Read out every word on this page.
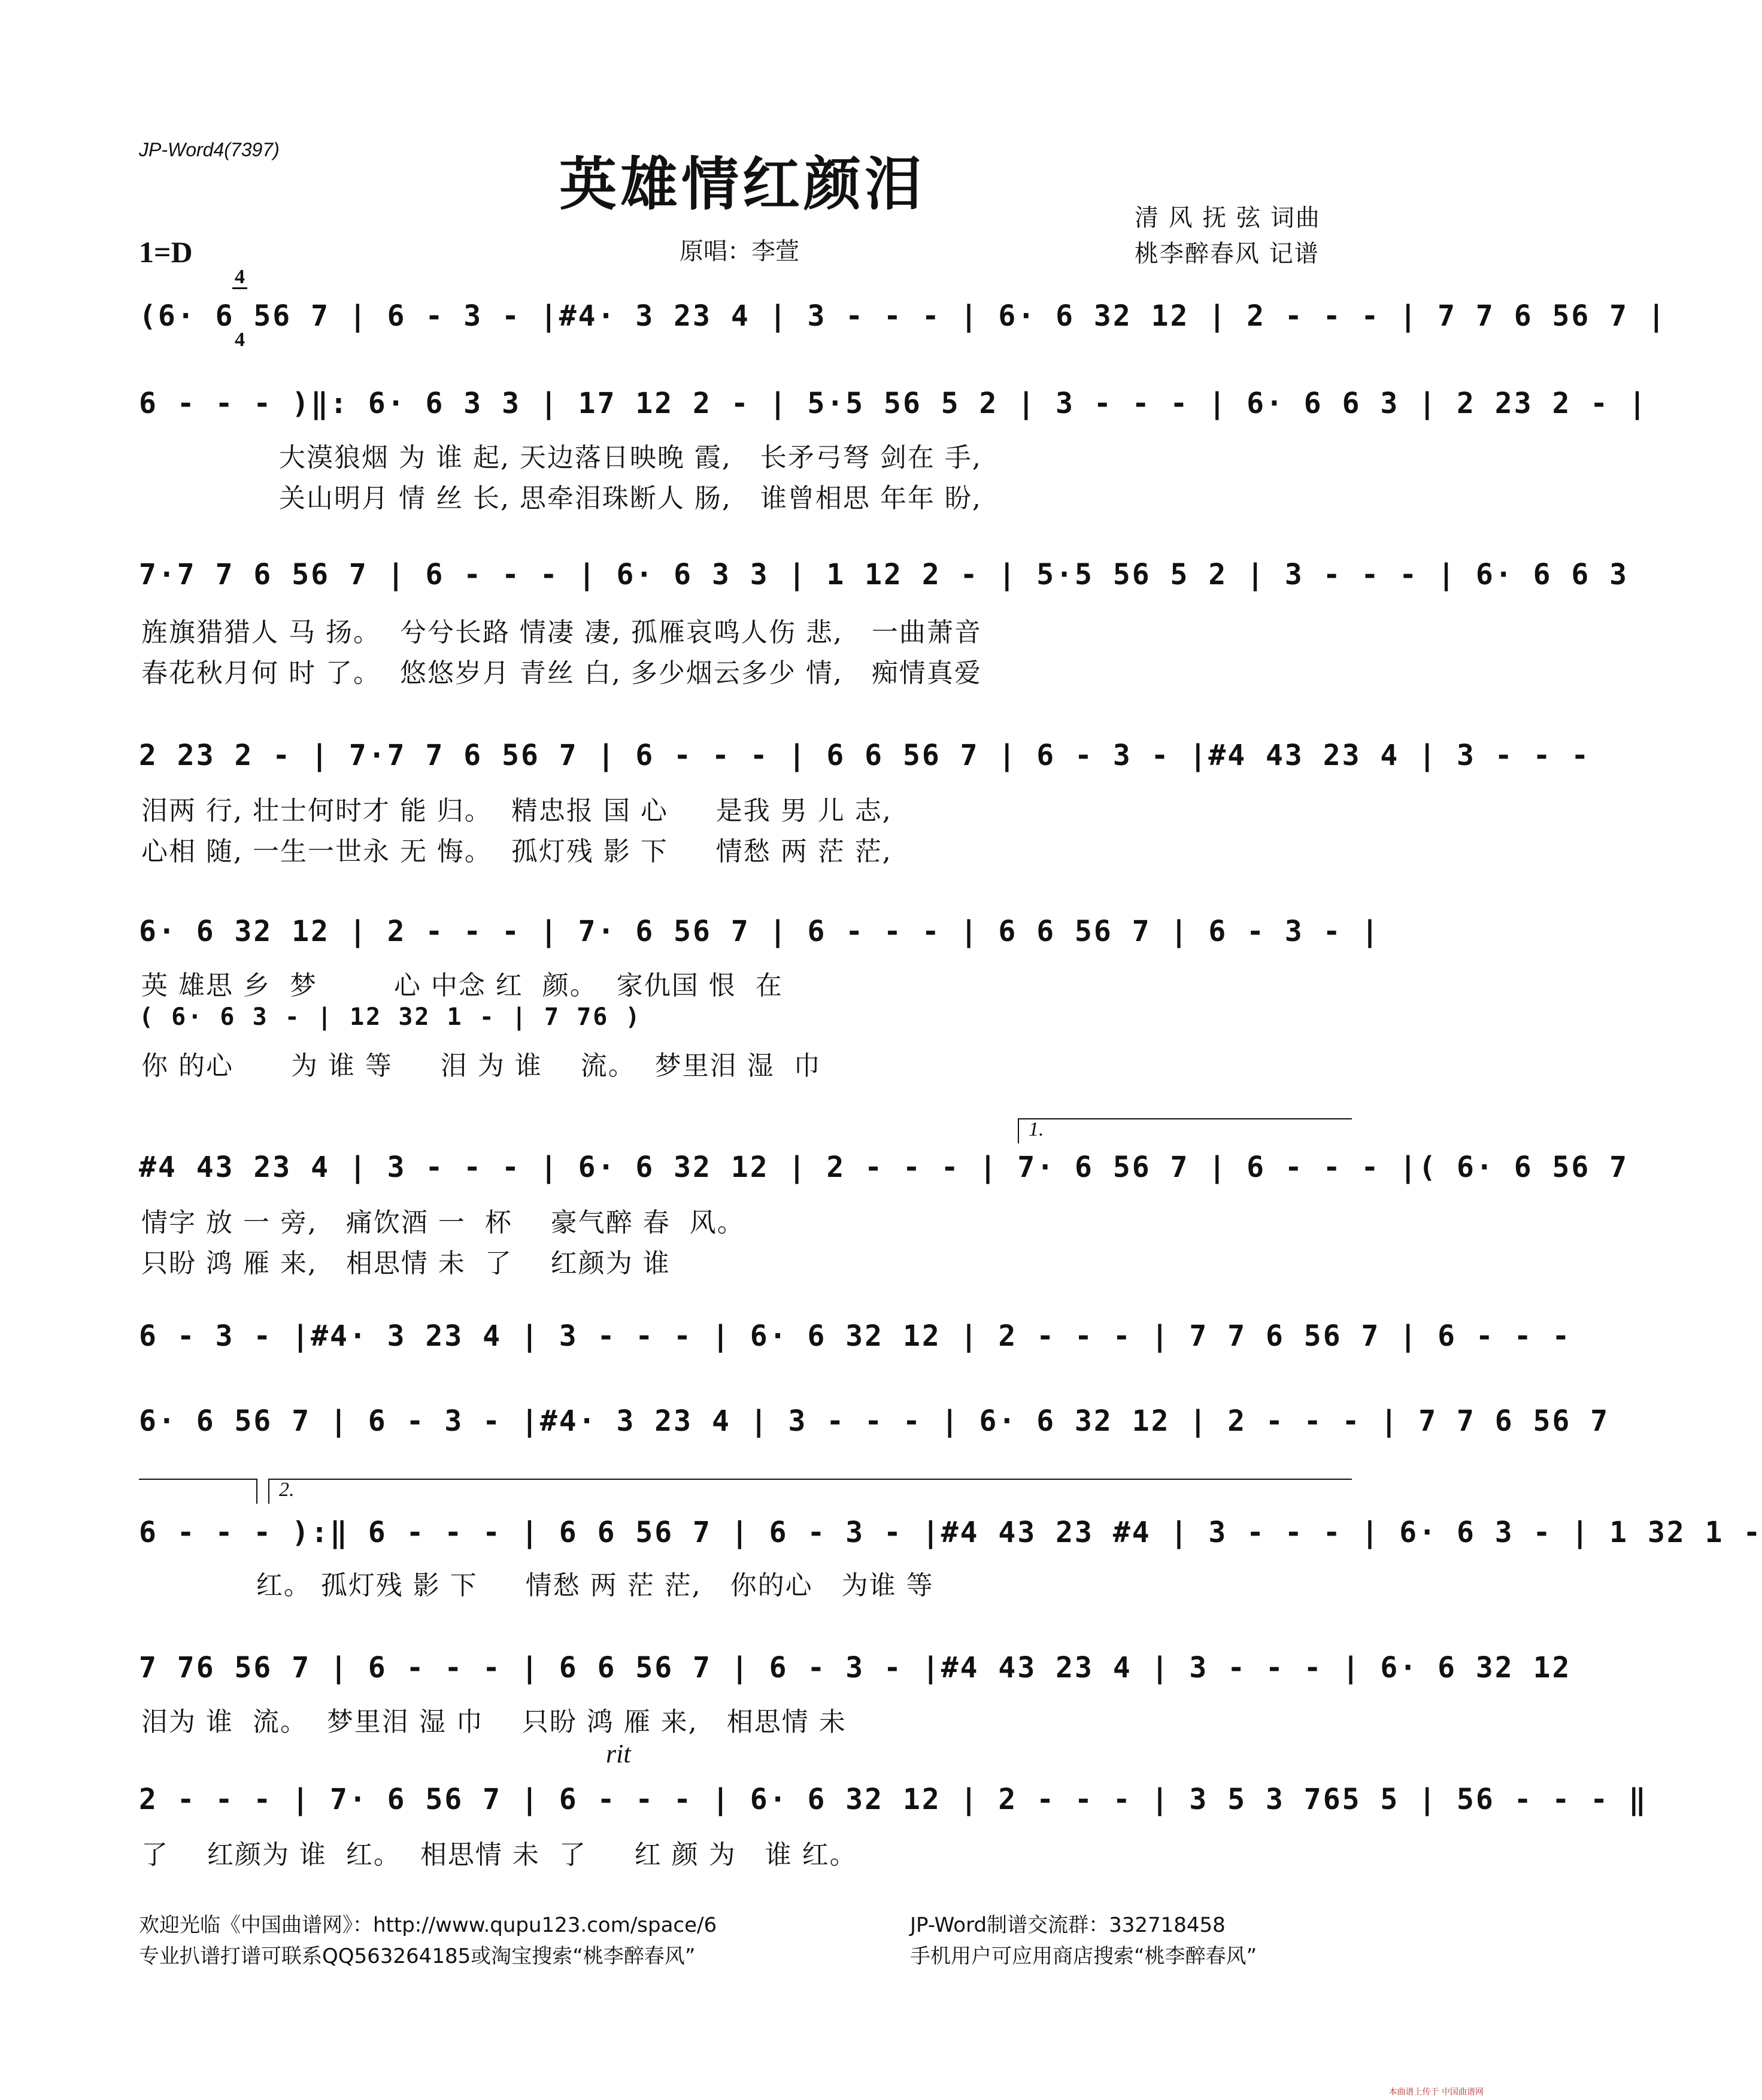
JP-Word4(7397)
英雄情红颜泪
1=D

4

4

原唱：李萱
清 风 抚 弦 词曲
桃李醉春风 记谱
(6· 6 56 7 | 6 - 3 - |#4· 3 23 4 | 3 - - - | 6· 6 32 12 | 2 - - - | 7 7 6 56 7 |
6 - - - )‖: 6· 6 3 3 | 17 12 2 - | 5·5 56 5 2 | 3 - - - | 6· 6 6 3 | 2 23 2 - |
大漠狼烟 为 谁 起, 天边落日映晚 霞,   长矛弓弩 剑在 手,
关山明月 情 丝 长, 思牵泪珠断人 肠,   谁曾相思 年年 盼,
7·7 7 6 56 7 | 6 - - - | 6· 6 3 3 | 1 12 2 - | 5·5 56 5 2 | 3 - - - | 6· 6 6 3
旌旗猎猎人 马 扬。  兮兮长路 情凄 凄, 孤雁哀鸣人伤 悲,   一曲萧音
春花秋月何 时 了。  悠悠岁月 青丝 白, 多少烟云多少 情,   痴情真爱
2 23 2 - | 7·7 7 6 56 7 | 6 - - - | 6 6 56 7 | 6 - 3 - |#4 43 23 4 | 3 - - -
泪两 行, 壮士何时才 能 归。  精忠报 国 心     是我 男 儿 志,
心相 随, 一生一世永 无 悔。  孤灯残 影 下     情愁 两 茫 茫,
6· 6 32 12 | 2 - - - | 7· 6 56 7 | 6 - - - | 6 6 56 7 | 6 - 3 - |
英 雄思 乡  梦        心 中念 红  颜。  家仇国 恨  在
( 6· 6 3 - | 12 32 1 - | 7 76 )
你 的心      为 谁 等     泪 为 谁    流。  梦里泪 湿  巾
1.
#4 43 23 4 | 3 - - - | 6· 6 32 12 | 2 - - - | 7· 6 56 7 | 6 - - - |( 6· 6 56 7
情字 放 一 旁,   痛饮酒 一  杯    豪气醉 春  风。
只盼 鸿 雁 来,   相思情 未  了    红颜为 谁
6 - 3 - |#4· 3 23 4 | 3 - - - | 6· 6 32 12 | 2 - - - | 7 7 6 56 7 | 6 - - -
6· 6 56 7 | 6 - 3 - |#4· 3 23 4 | 3 - - - | 6· 6 32 12 | 2 - - - | 7 7 6 56 7
2.
6 - - - ):‖ 6 - - - | 6 6 56 7 | 6 - 3 - |#4 43 23 #4 | 3 - - - | 6· 6 3 - | 1 32 1 -
红。 孤灯残 影 下     情愁 两 茫 茫,   你的心   为谁 等
7 76 56 7 | 6 - - - | 6 6 56 7 | 6 - 3 - |#4 43 23 4 | 3 - - - | 6· 6 32 12
泪为 谁  流。  梦里泪 湿 巾    只盼 鸿 雁 来,   相思情 未
rit
2 - - - | 7· 6 56 7 | 6 - - - | 6· 6 32 12 | 2 - - - | 3 5 3 765 5 | 56 - - - ‖
了    红颜为 谁  红。  相思情 未  了     红 颜 为   谁 红。
欢迎光临《中国曲谱网》：http://www.qupu123.com/space/6
专业扒谱打谱可联系QQ563264185或淘宝搜索“桃李醉春风”
JP-Word制谱交流群：332718458
手机用户可应用商店搜索“桃李醉春风”
本曲谱上传于 中国曲谱网
